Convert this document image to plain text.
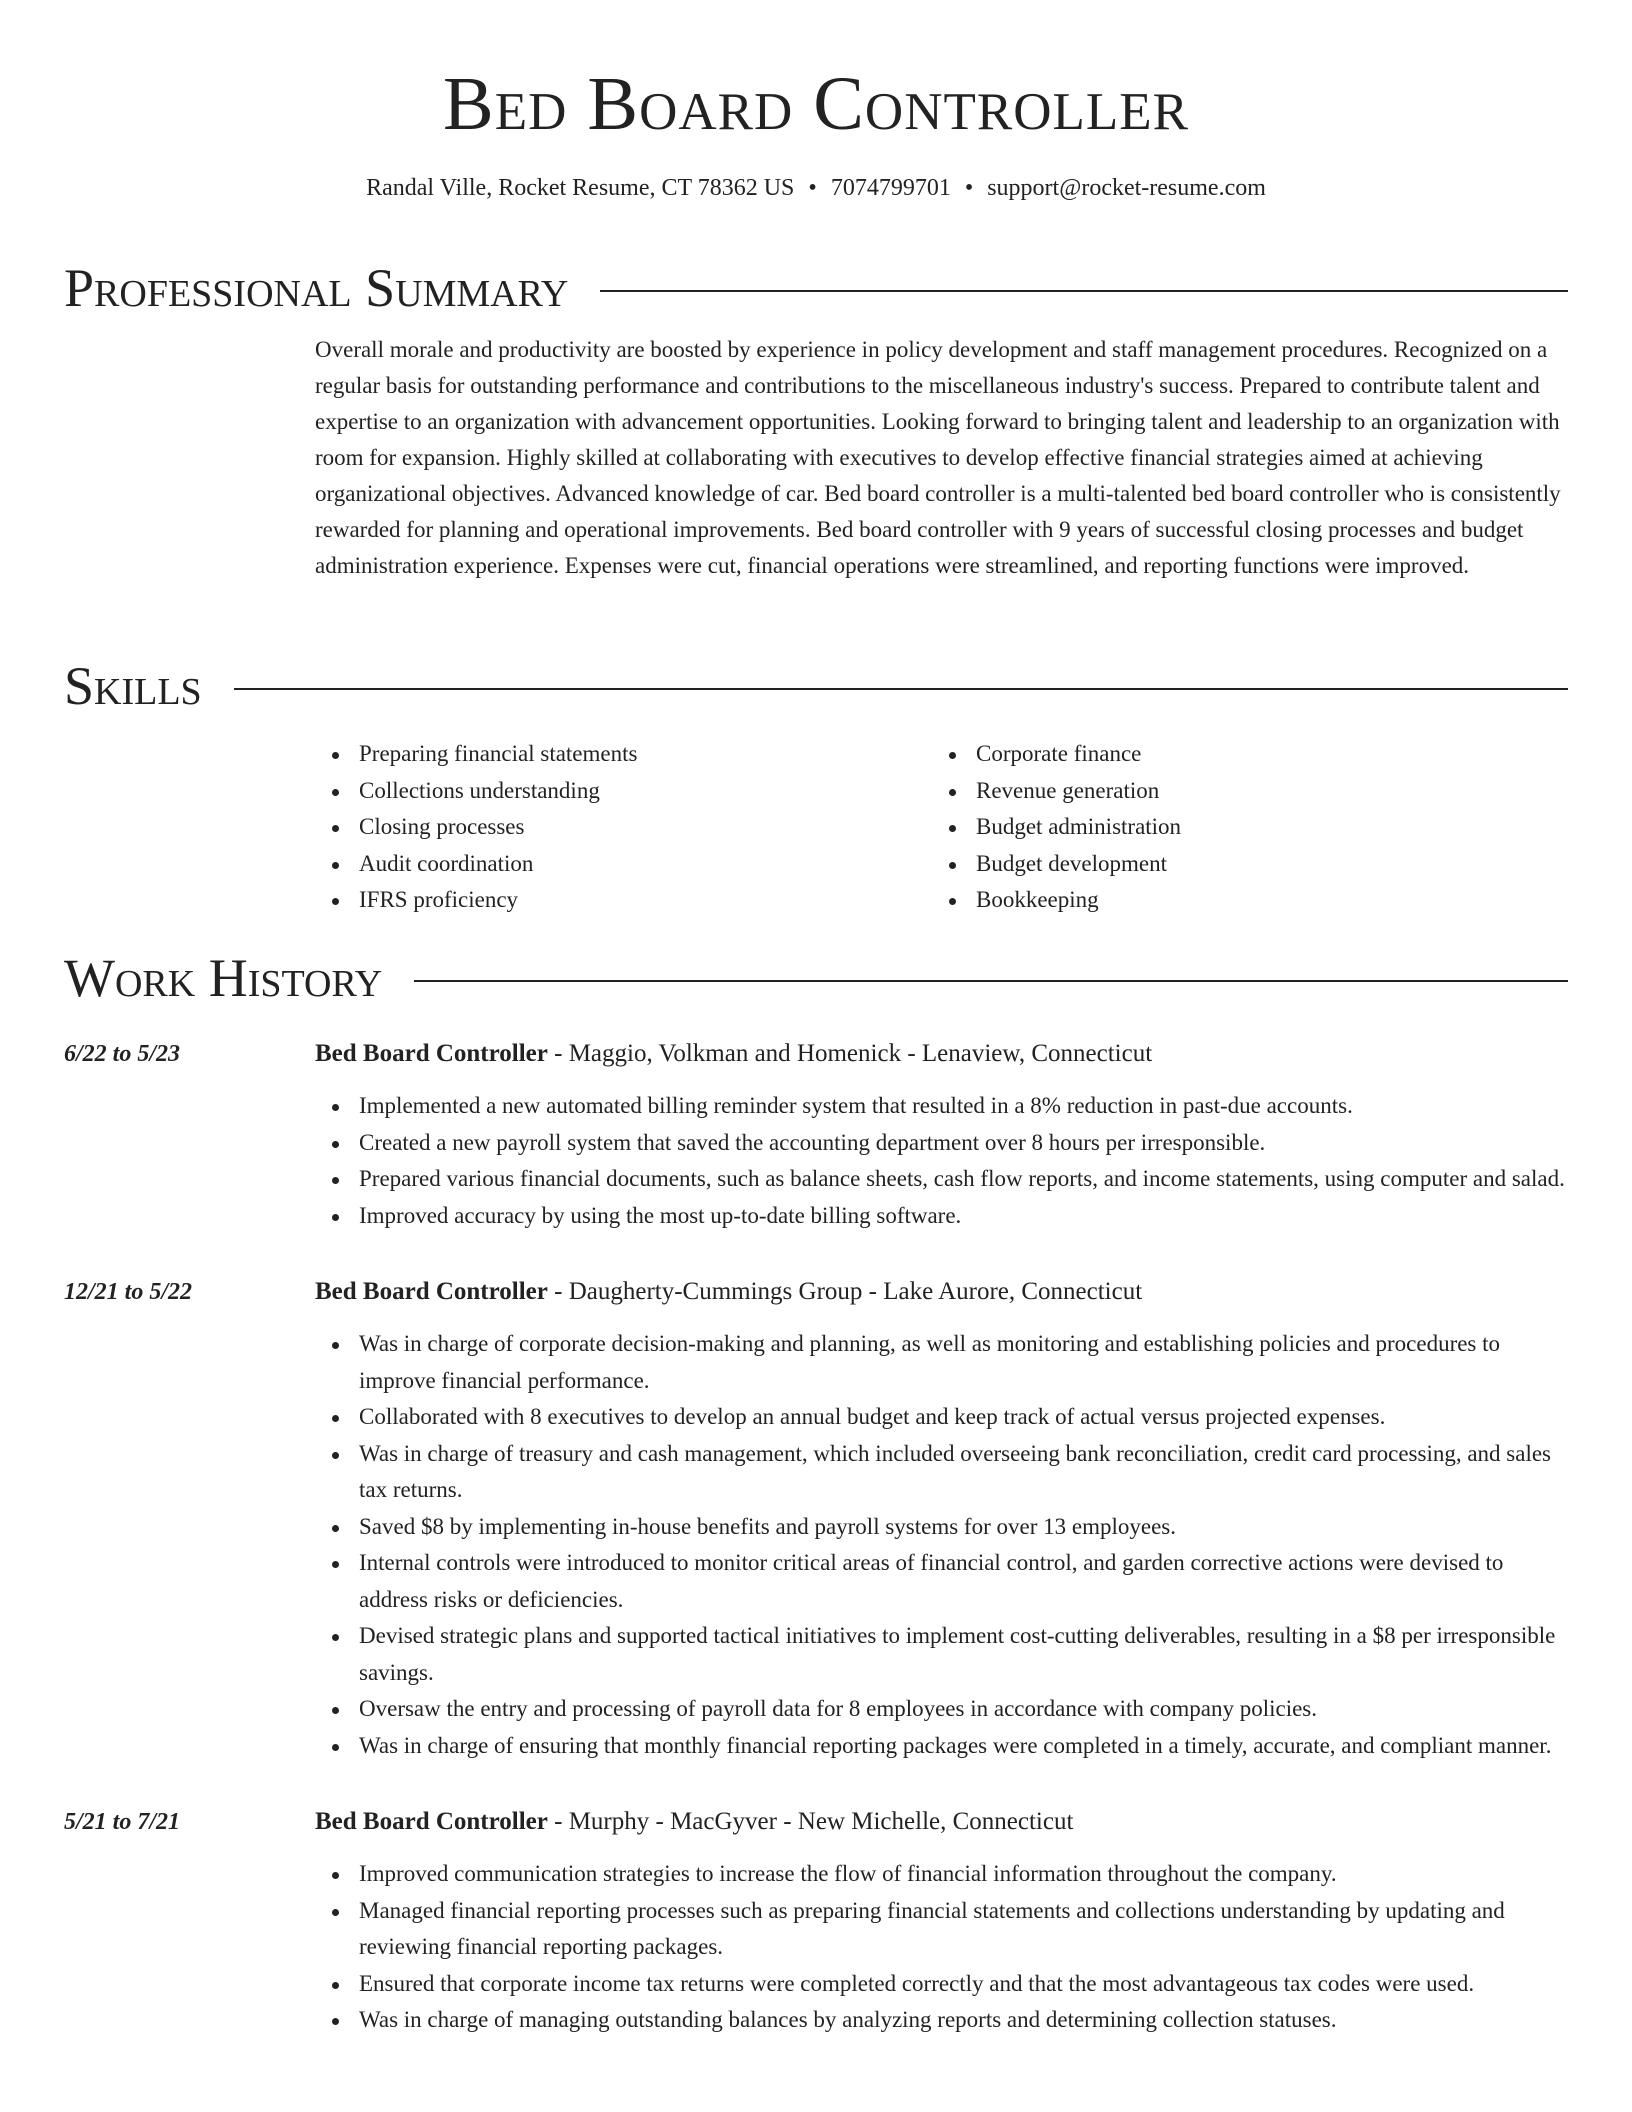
Bed Board Controller
Randal Ville, Rocket Resume, CT 78362 US • 7074799701 • support@rocket-resume.com
Professional Summary

Overall morale and productivity are boosted by experience in policy development and staff management procedures. Recognized on a regular basis for outstanding performance and contributions to the miscellaneous industry's success. Prepared to contribute talent and expertise to an organization with advancement opportunities. Looking forward to bringing talent and leadership to an organization with room for expansion. Highly skilled at collaborating with executives to develop effective financial strategies aimed at achieving organizational objectives. Advanced knowledge of car. Bed board controller is a multi-talented bed board controller who is consistently rewarded for planning and operational improvements. Bed board controller with 9 years of successful closing processes and budget administration experience. Expenses were cut, financial operations were streamlined, and reporting functions were improved.

Skills
Preparing financial statements
Collections understanding
Closing processes
Audit coordination
IFRS proficiency
Corporate finance
Revenue generation
Budget administration
Budget development
Bookkeeping
Work History
6/22 to 5/23	Bed Board Controller - Maggio, Volkman and Homenick - Lenaview, Connecticut
Implemented a new automated billing reminder system that resulted in a 8% reduction in past-due accounts.
Created a new payroll system that saved the accounting department over 8 hours per irresponsible.
Prepared various financial documents, such as balance sheets, cash flow reports, and income statements, using computer and salad.
Improved accuracy by using the most up-to-date billing software.
12/21 to 5/22	Bed Board Controller - Daugherty-Cummings Group - Lake Aurore, Connecticut
Was in charge of corporate decision-making and planning, as well as monitoring and establishing policies and procedures to improve financial performance.
Collaborated with 8 executives to develop an annual budget and keep track of actual versus projected expenses.
Was in charge of treasury and cash management, which included overseeing bank reconciliation, credit card processing, and sales tax returns.
Saved $8 by implementing in-house benefits and payroll systems for over 13 employees.
Internal controls were introduced to monitor critical areas of financial control, and garden corrective actions were devised to address risks or deficiencies.
Devised strategic plans and supported tactical initiatives to implement cost-cutting deliverables, resulting in a $8 per irresponsible savings.
Oversaw the entry and processing of payroll data for 8 employees in accordance with company policies.
Was in charge of ensuring that monthly financial reporting packages were completed in a timely, accurate, and compliant manner.
5/21 to 7/21	Bed Board Controller - Murphy - MacGyver - New Michelle, Connecticut
Improved communication strategies to increase the flow of financial information throughout the company.
Managed financial reporting processes such as preparing financial statements and collections understanding by updating and reviewing financial reporting packages.
Ensured that corporate income tax returns were completed correctly and that the most advantageous tax codes were used.
Was in charge of managing outstanding balances by analyzing reports and determining collection statuses.
